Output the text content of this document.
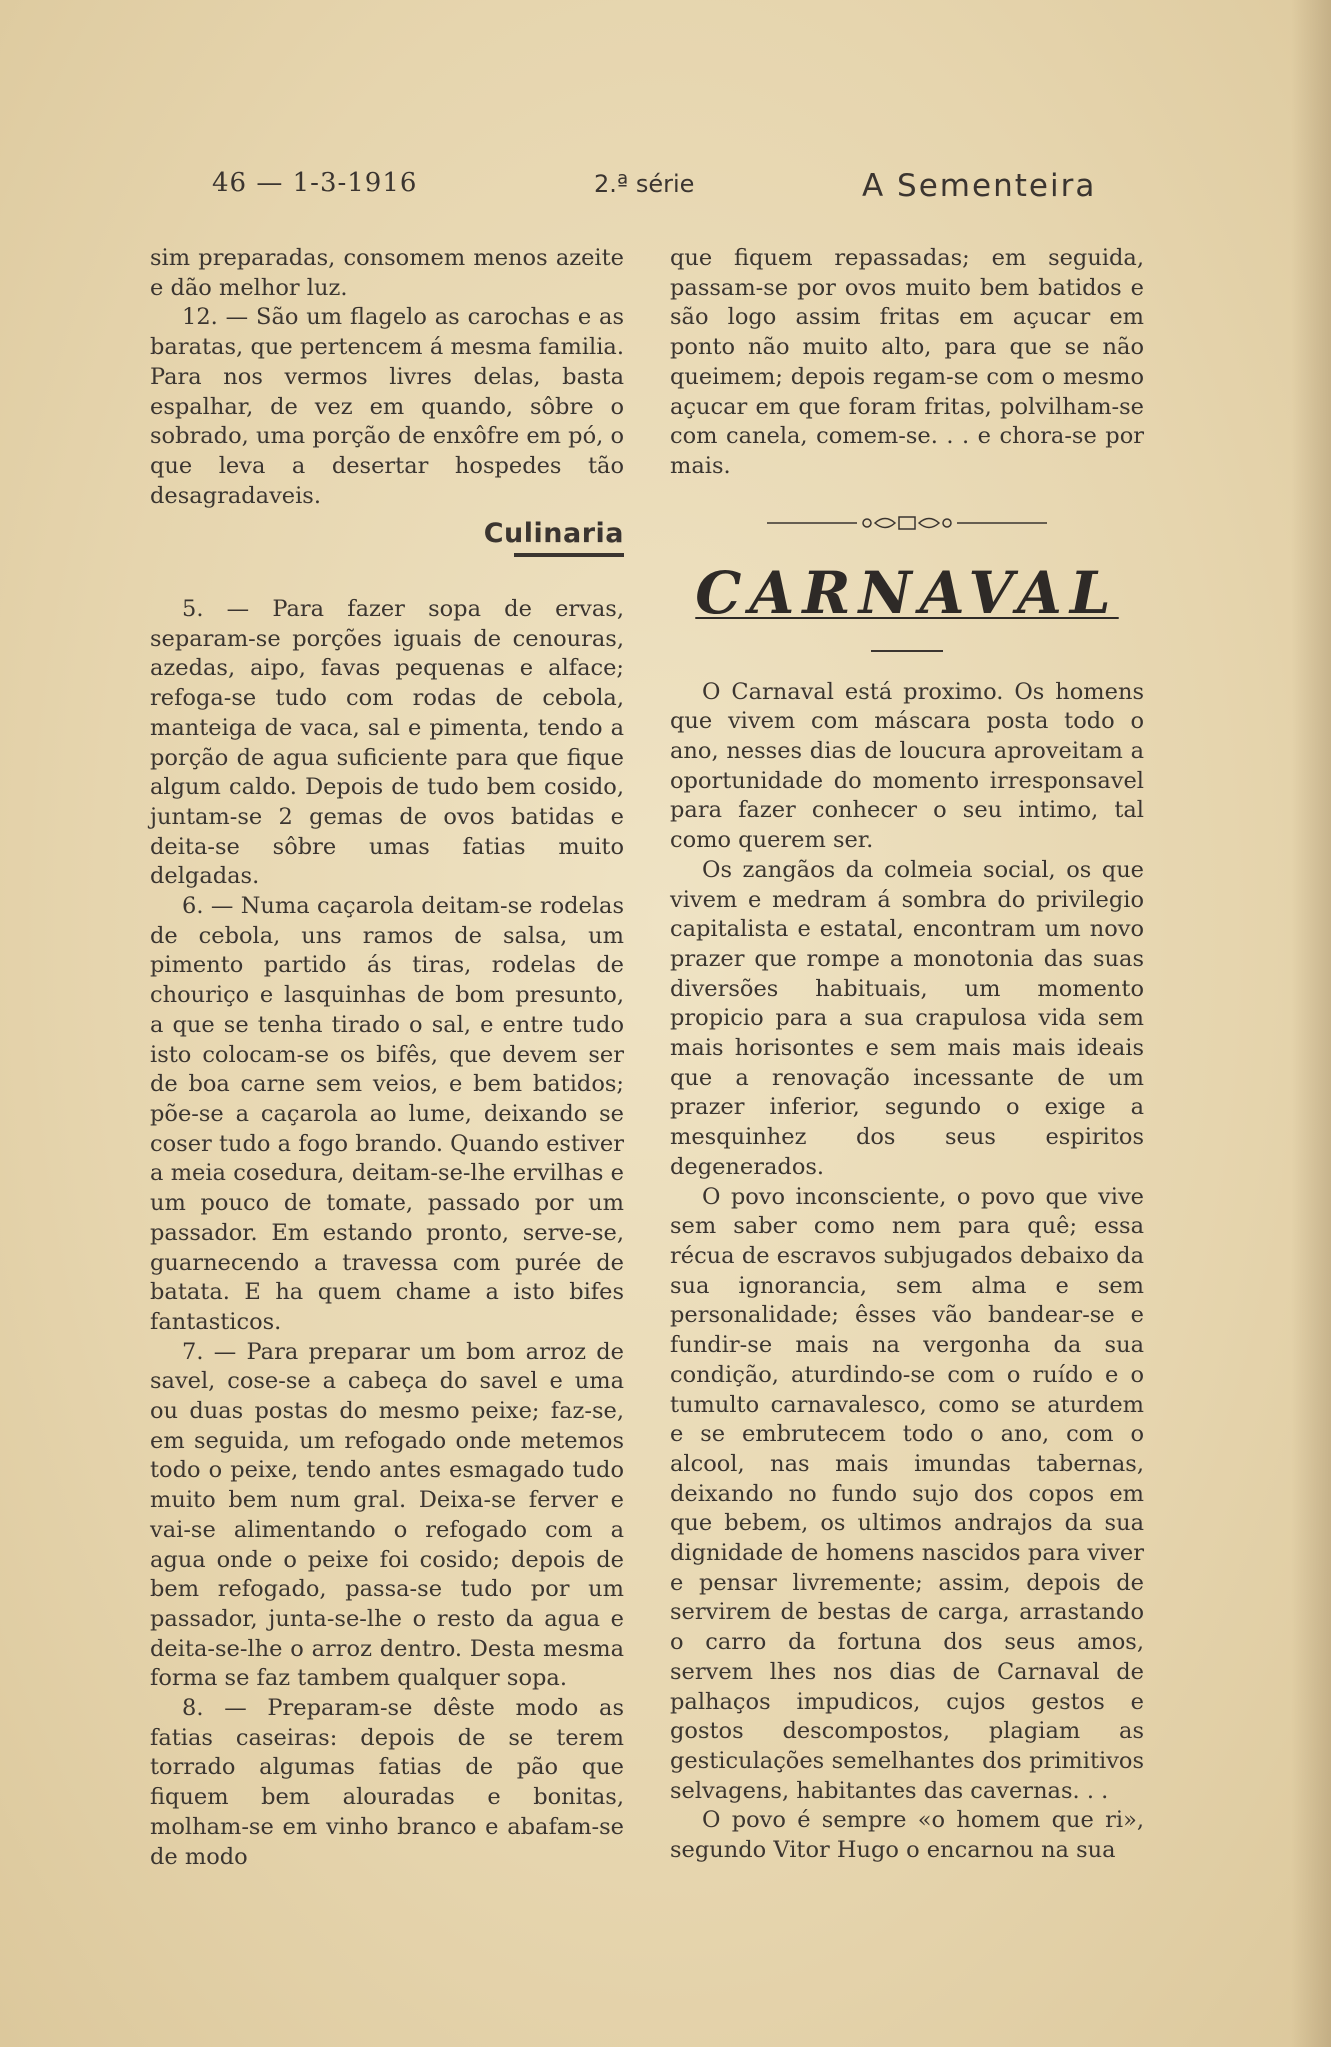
46 — 1-3-1916	2.ª série	A Sementeira

sim preparadas, consomem menos azeite e dão melhor luz.

12. — São um flagelo as carochas e as baratas, que pertencem á mesma familia. Para nos vermos livres delas, basta espalhar, de vez em quando, sôbre o sobrado, uma porção de enxôfre em pó, o que leva a desertar hospedes tão desagradaveis.

Culinaria

5. — Para fazer sopa de ervas, separam-se porções iguais de cenouras, azedas, aipo, favas pequenas e alface; refoga-se tudo com rodas de cebola, manteiga de vaca, sal e pimenta, tendo a porção de agua suficiente para que fique algum caldo. Depois de tudo bem cosido, juntam-se 2 gemas de ovos batidas e deita-se sôbre umas fatias muito delgadas.

6. — Numa caçarola deitam-se rodelas de cebola, uns ramos de salsa, um pimento partido ás tiras, rodelas de chouriço e lasquinhas de bom presunto, a que se tenha tirado o sal, e entre tudo isto colocam-se os bifês, que devem ser de boa carne sem veios, e bem batidos; põe-se a caçarola ao lume, deixando se coser tudo a fogo brando. Quando estiver a meia cosedura, deitam-se-lhe ervilhas e um pouco de tomate, passado por um passador. Em estando pronto, serve-se, guarnecendo a travessa com purée de batata. E ha quem chame a isto bifes fantasticos.

7. — Para preparar um bom arroz de savel, cose-se a cabeça do savel e uma ou duas postas do mesmo peixe; faz-se, em seguida, um refogado onde metemos todo o peixe, tendo antes esmagado tudo muito bem num gral. Deixa-se ferver e vai-se alimentando o refogado com a agua onde o peixe foi cosido; depois de bem refogado, passa-se tudo por um passador, junta-se-lhe o resto da agua e deita-se-lhe o arroz dentro. Desta mesma forma se faz tambem qualquer sopa.

8. — Preparam-se dêste modo as fatias caseiras: depois de se terem torrado algumas fatias de pão que fiquem bem alouradas e bonitas, molham-se em vinho branco e abafam-se de modo

que fiquem repassadas; em seguida, passam-se por ovos muito bem batidos e são logo assim fritas em açucar em ponto não muito alto, para que se não queimem; depois regam-se com o mesmo açucar em que foram fritas, polvilham-se com canela, comem-se. . . e chora-se por mais.

CARNAVAL

O Carnaval está proximo. Os homens que vivem com máscara posta todo o ano, nesses dias de loucura aproveitam a oportunidade do momento irresponsavel para fazer conhecer o seu intimo, tal como querem ser.

Os zangãos da colmeia social, os que vivem e medram á sombra do privilegio capitalista e estatal, encontram um novo prazer que rompe a monotonia das suas diversões habituais, um momento propicio para a sua crapulosa vida sem mais horisontes e sem mais mais ideais que a renovação incessante de um prazer inferior, segundo o exige a mesquinhez dos seus espiritos degenerados.

O povo inconsciente, o povo que vive sem saber como nem para quê; essa récua de escravos subjugados debaixo da sua ignorancia, sem alma e sem personalidade; êsses vão bandear-se e fundir-se mais na vergonha da sua condição, aturdindo-se com o ruído e o tumulto carnavalesco, como se aturdem e se embrutecem todo o ano, com o alcool, nas mais imundas tabernas, deixando no fundo sujo dos copos em que bebem, os ultimos andrajos da sua dignidade de homens nascidos para viver e pensar livremente; assim, depois de servirem de bestas de carga, arrastando o carro da fortuna dos seus amos, servem lhes nos dias de Carnaval de palhaços impudicos, cujos gestos e gostos descompostos, plagiam as gesticulações semelhantes dos primitivos selvagens, habitantes das cavernas. . .

O povo é sempre «o homem que ri», segundo Vitor Hugo o encarnou na sua
